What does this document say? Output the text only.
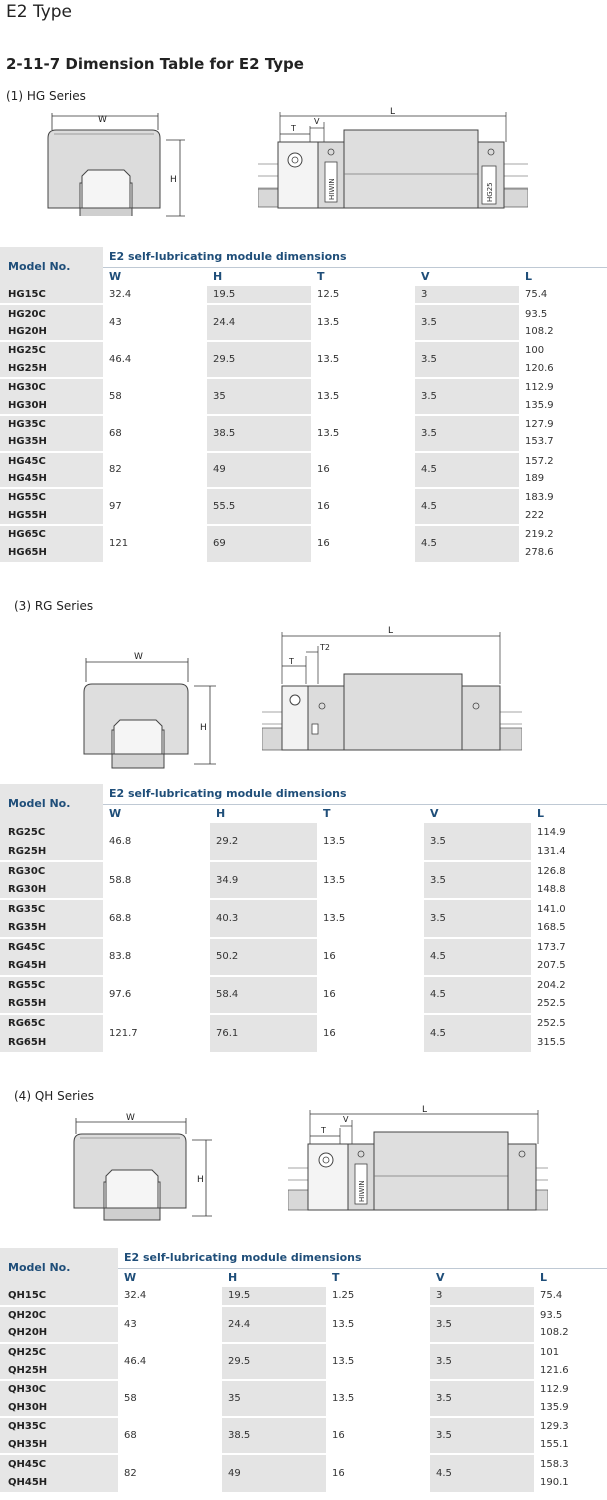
E2 Type
2-11-7 Dimension Table for E2 Type
(1) HG Series
W
H	HIWIN	HG25
L
T
V
Model No.	E2 self-lubricating module dimensions				
	W	H	T	V	L
HG15C	32.4	19.5	12.5	3	75.4
HG20C	43	24.4	13.5	3.5	93.5
HG20H					108.2
HG25C	46.4	29.5	13.5	3.5	100
HG25H					120.6
HG30C	58	35	13.5	3.5	112.9
HG30H					135.9
HG35C	68	38.5	13.5	3.5	127.9
HG35H					153.7
HG45C	82	49	16	4.5	157.2
HG45H					189
HG55C	97	55.5	16	4.5	183.9
HG55H					222
HG65C	121	69	16	4.5	219.2
HG65H					278.6
(3) RG Series
W
H
L
T
T2
Model No.	E2 self-lubricating module dimensions				
	W	H	T	V	L
RG25C	46.8	29.2	13.5	3.5	114.9
RG25H					131.4
RG30C	58.8	34.9	13.5	3.5	126.8
RG30H					148.8
RG35C	68.8	40.3	13.5	3.5	141.0
RG35H					168.5
RG45C	83.8	50.2	16	4.5	173.7
RG45H					207.5
RG55C	97.6	58.4	16	4.5	204.2
RG55H					252.5
RG65C	121.7	76.1	16	4.5	252.5
RG65H					315.5
(4) QH Series
W
H
HIWIN
L
T
V
Model No.	E2 self-lubricating module dimensions				
	W	H	T	V	L
QH15C	32.4	19.5	1.25	3	75.4
QH20C	43	24.4	13.5	3.5	93.5
QH20H					108.2
QH25C	46.4	29.5	13.5	3.5	101
QH25H					121.6
QH30C	58	35	13.5	3.5	112.9
QH30H					135.9
QH35C	68	38.5	16	3.5	129.3
QH35H					155.1
QH45C	82	49	16	4.5	158.3
QH45H					190.1
